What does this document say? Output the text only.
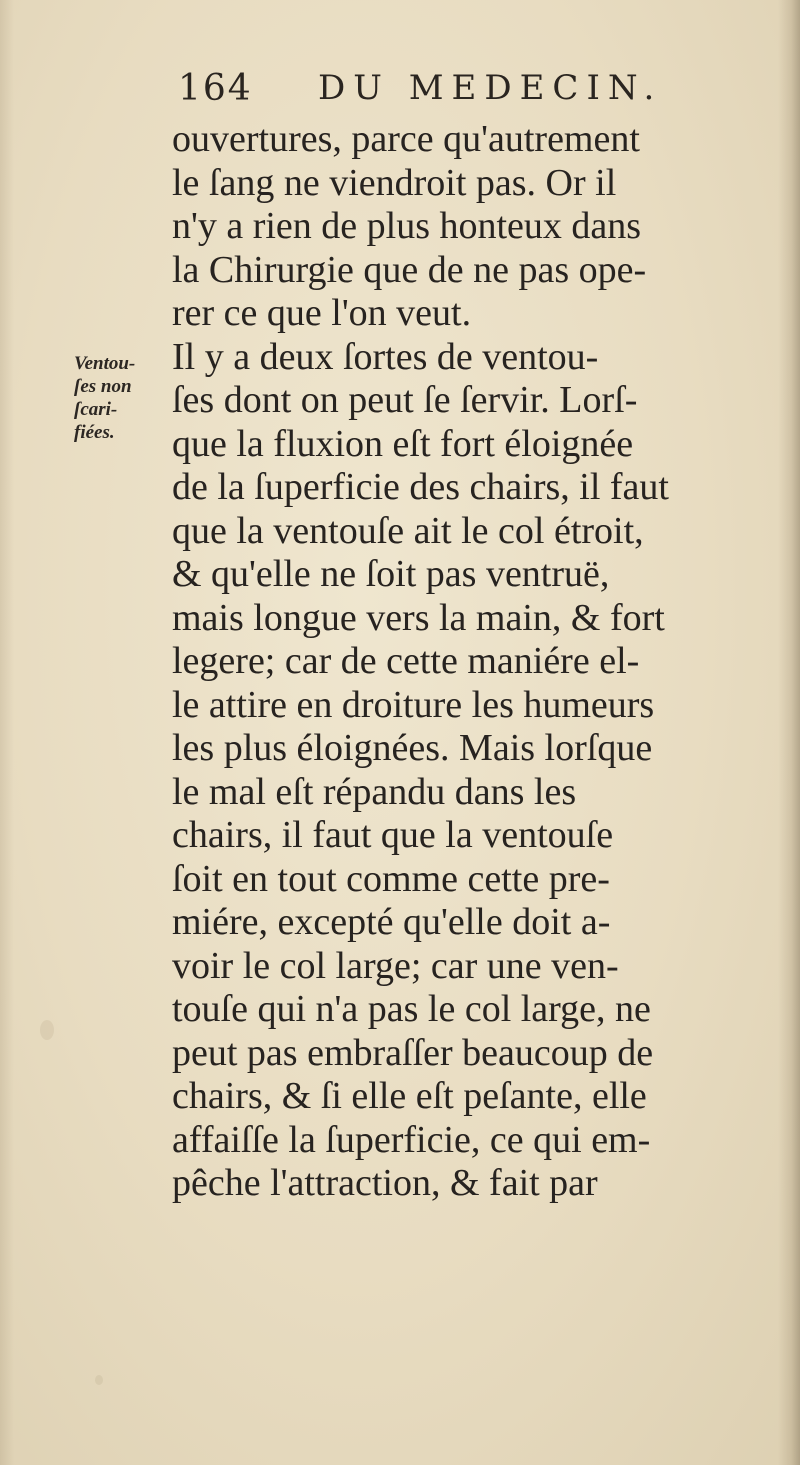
164 DU MEDECIN.
Ventou-
ſes non
ſcari-
fiées.
ouvertures, parce qu'autrement
le ſang ne viendroit pas. Or il
n'y a rien de plus honteux dans
la Chirurgie que de ne pas ope-
rer ce que l'on veut.
Il y a deux ſortes de ventou-
ſes dont on peut ſe ſervir. Lorſ-
que la fluxion eſt fort éloignée
de la ſuperficie des chairs, il faut
que la ventouſe ait le col étroit,
& qu'elle ne ſoit pas ventruë,
mais longue vers la main, & fort
legere; car de cette maniére el-
le attire en droiture les humeurs
les plus éloignées. Mais lorſque
le mal eſt répandu dans les
chairs, il faut que la ventouſe
ſoit en tout comme cette pre-
miére, excepté qu'elle doit a-
voir le col large; car une ven-
touſe qui n'a pas le col large, ne
peut pas embraſſer beaucoup de
chairs, & ſi elle eſt peſante, elle
affaiſſe la ſuperficie, ce qui em-
pêche l'attraction, & fait par
